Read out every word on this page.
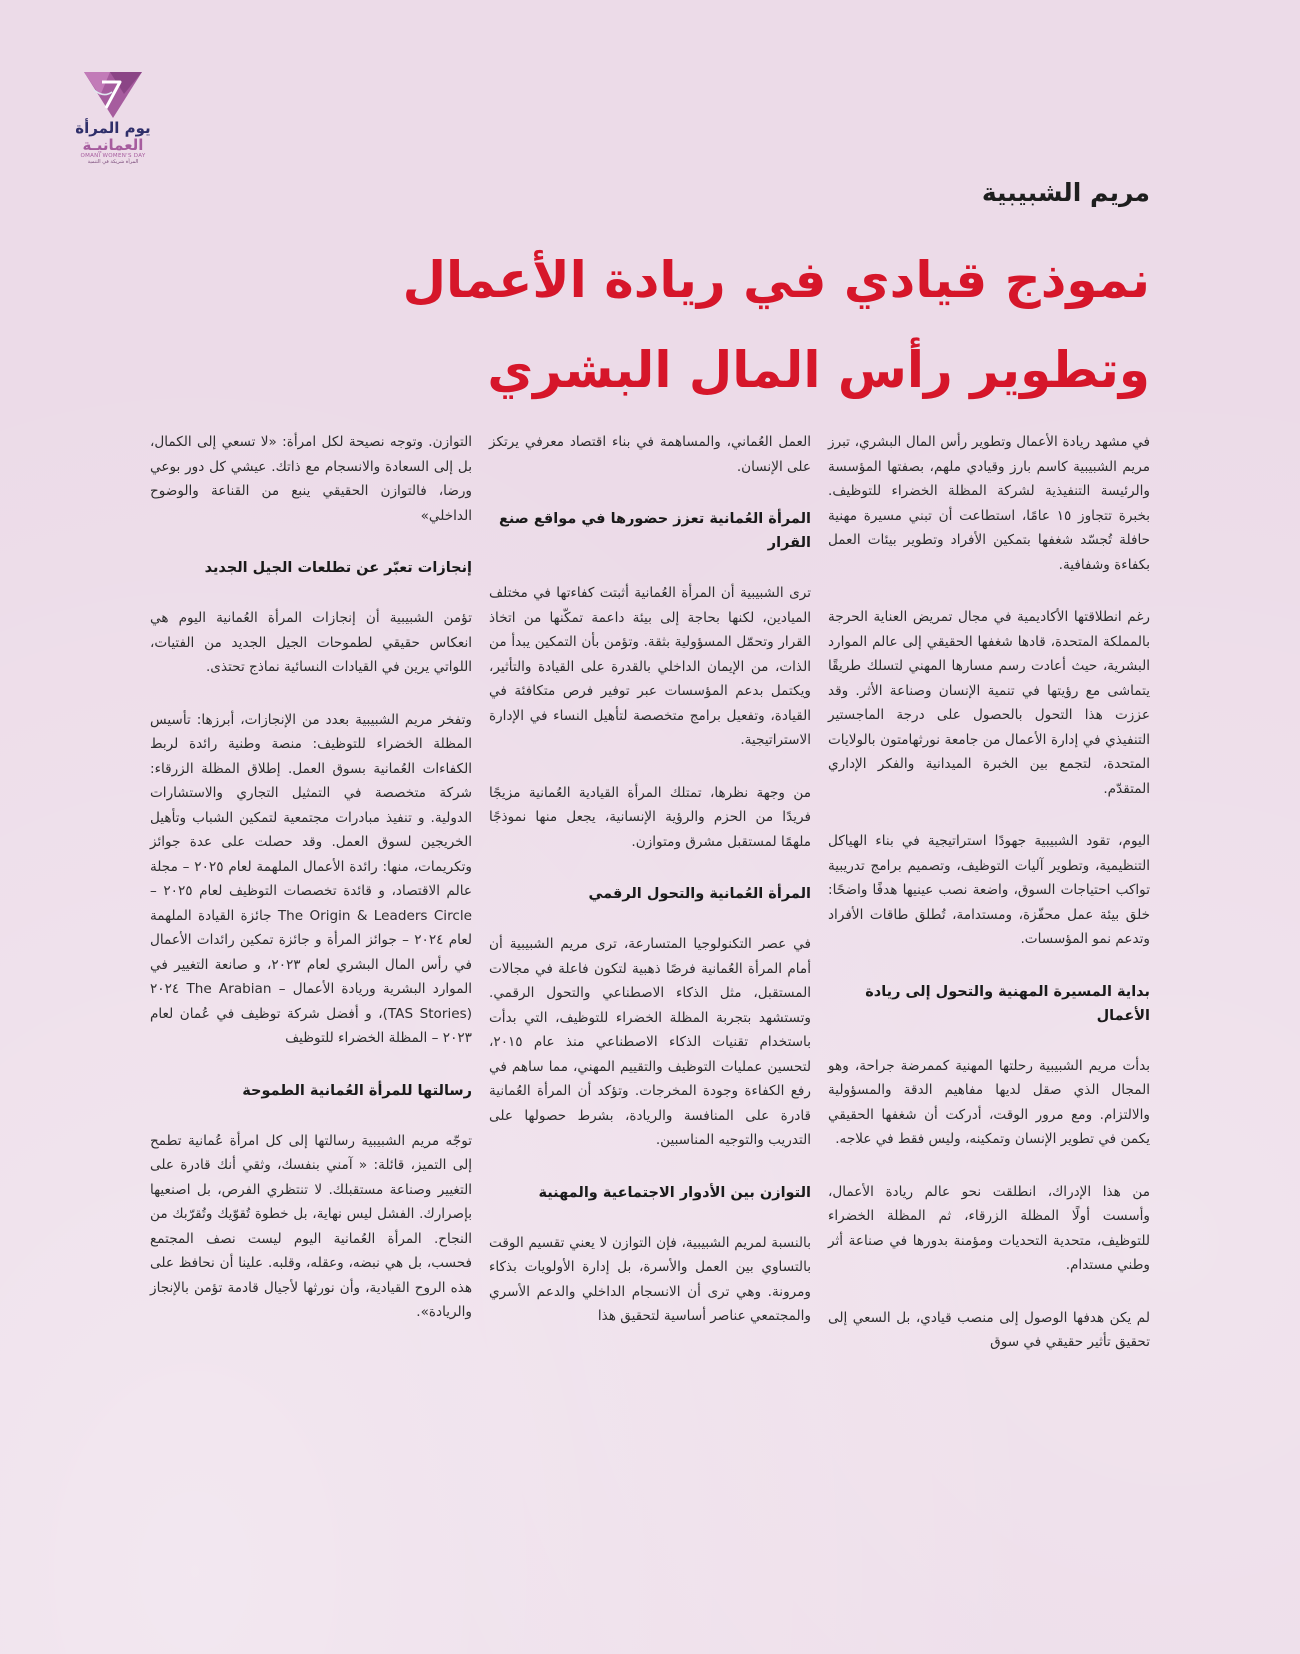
يوم المرأة
العمانيـة
OMANI WOMEN'S DAY
المرأة شريكة في التنمية
مريم الشبيبية
نموذج قيادي في ريادة الأعمال
وتطوير رأس المال البشري

في مشهد ريادة الأعمال وتطوير رأس المال البشري، تبرز مريم الشبيبية كاسم بارز وقيادي ملهم، بصفتها المؤسسة والرئيسة التنفيذية لشركة المظلة الخضراء للتوظيف. بخبرة تتجاوز ١٥ عامًا، استطاعت أن تبني مسيرة مهنية حافلة تُجسّد شغفها بتمكين الأفراد وتطوير بيئات العمل بكفاءة وشفافية.

رغم انطلاقتها الأكاديمية في مجال تمريض العناية الحرجة بالمملكة المتحدة، قادها شغفها الحقيقي إلى عالم الموارد البشرية، حيث أعادت رسم مسارها المهني لتسلك طريقًا يتماشى مع رؤيتها في تنمية الإنسان وصناعة الأثر. وقد عززت هذا التحول بالحصول على درجة الماجستير التنفيذي في إدارة الأعمال من جامعة نورثهامتون بالولايات المتحدة، لتجمع بين الخبرة الميدانية والفكر الإداري المتقدّم.

اليوم، تقود الشبيبية جهودًا استراتيجية في بناء الهياكل التنظيمية، وتطوير آليات التوظيف، وتصميم برامج تدريبية تواكب احتياجات السوق، واضعة نصب عينيها هدفًا واضحًا: خلق بيئة عمل محفّزة، ومستدامة، تُطلق طاقات الأفراد وتدعم نمو المؤسسات.

بداية المسيرة المهنية والتحول إلى ريادة الأعمال

بدأت مريم الشبيبية رحلتها المهنية كممرضة جراحة، وهو المجال الذي صقل لديها مفاهيم الدقة والمسؤولية والالتزام. ومع مرور الوقت، أدركت أن شغفها الحقيقي يكمن في تطوير الإنسان وتمكينه، وليس فقط في علاجه.

من هذا الإدراك، انطلقت نحو عالم ريادة الأعمال، وأسست أولًا المظلة الزرقاء، ثم المظلة الخضراء للتوظيف، متحدية التحديات ومؤمنة بدورها في صناعة أثر وطني مستدام.

لم يكن هدفها الوصول إلى منصب قيادي، بل السعي إلى تحقيق تأثير حقيقي في سوق

العمل العُماني، والمساهمة في بناء اقتصاد معرفي يرتكز على الإنسان.

المرأة العُمانية تعزز حضورها في مواقع صنع القرار

ترى الشبيبية أن المرأة العُمانية أثبتت كفاءتها في مختلف الميادين، لكنها بحاجة إلى بيئة داعمة تمكّنها من اتخاذ القرار وتحمّل المسؤولية بثقة. وتؤمن بأن التمكين يبدأ من الذات، من الإيمان الداخلي بالقدرة على القيادة والتأثير، ويكتمل بدعم المؤسسات عبر توفير فرص متكافئة في القيادة، وتفعيل برامج متخصصة لتأهيل النساء في الإدارة الاستراتيجية.

من وجهة نظرها، تمتلك المرأة القيادية العُمانية مزيجًا فريدًا من الحزم والرؤية الإنسانية، يجعل منها نموذجًا ملهمًا لمستقبل مشرق ومتوازن.

المرأة العُمانية والتحول الرقمي

في عصر التكنولوجيا المتسارعة، ترى مريم الشبيبية أن أمام المرأة العُمانية فرصًا ذهبية لتكون فاعلة في مجالات المستقبل، مثل الذكاء الاصطناعي والتحول الرقمي. وتستشهد بتجربة المظلة الخضراء للتوظيف، التي بدأت باستخدام تقنيات الذكاء الاصطناعي منذ عام ٢٠١٥، لتحسين عمليات التوظيف والتقييم المهني، مما ساهم في رفع الكفاءة وجودة المخرجات. وتؤكد أن المرأة العُمانية قادرة على المنافسة والريادة، بشرط حصولها على التدريب والتوجيه المناسبين.

التوازن بين الأدوار الاجتماعية والمهنية

بالنسبة لمريم الشبيبية، فإن التوازن لا يعني تقسيم الوقت بالتساوي بين العمل والأسرة، بل إدارة الأولويات بذكاء ومرونة. وهي ترى أن الانسجام الداخلي والدعم الأسري والمجتمعي عناصر أساسية لتحقيق هذا

التوازن. وتوجه نصيحة لكل امرأة: «لا تسعي إلى الكمال، بل إلى السعادة والانسجام مع ذاتك. عيشي كل دور بوعي ورضا، فالتوازن الحقيقي ينبع من القناعة والوضوح الداخلي»

إنجازات تعبّر عن تطلعات الجيل الجديد

تؤمن الشبيبية أن إنجازات المرأة العُمانية اليوم هي انعكاس حقيقي لطموحات الجيل الجديد من الفتيات، اللواتي يرين في القيادات النسائية نماذج تحتذى.

وتفخر مريم الشبيبية بعدد من الإنجازات، أبرزها: تأسيس المظلة الخضراء للتوظيف: منصة وطنية رائدة لربط الكفاءات العُمانية بسوق العمل. إطلاق المظلة الزرقاء: شركة متخصصة في التمثيل التجاري والاستشارات الدولية. و تنفيذ مبادرات مجتمعية لتمكين الشباب وتأهيل الخريجين لسوق العمل. وقد حصلت على عدة جوائز وتكريمات، منها: رائدة الأعمال الملهمة لعام ٢٠٢٥ – مجلة عالم الاقتصاد، و قائدة تخصصات التوظيف لعام ٢٠٢٥ – The Origin & Leaders Circle جائزة القيادة الملهمة لعام ٢٠٢٤ – جوائز المرأة و جائزة تمكين رائدات الأعمال في رأس المال البشري لعام ٢٠٢٣، و صانعة التغيير في الموارد البشرية وريادة الأعمال – The Arabian ٢٠٢٤ (TAS Stories)، و أفضل شركة توظيف في عُمان لعام ٢٠٢٣ – المظلة الخضراء للتوظيف

رسالتها للمرأة العُمانية الطموحة

توجّه مريم الشبيبية رسالتها إلى كل امرأة عُمانية تطمح إلى التميز، قائلة: « آمني بنفسك، وثقي أنك قادرة على التغيير وصناعة مستقبلك. لا تنتظري الفرص، بل اصنعيها بإصرارك. الفشل ليس نهاية، بل خطوة تُقوّيك وتُقرّبك من النجاح. المرأة العُمانية اليوم ليست نصف المجتمع فحسب، بل هي نبضه، وعقله، وقلبه. علينا أن نحافظ على هذه الروح القيادية، وأن نورثها لأجيال قادمة تؤمن بالإنجاز والريادة».
